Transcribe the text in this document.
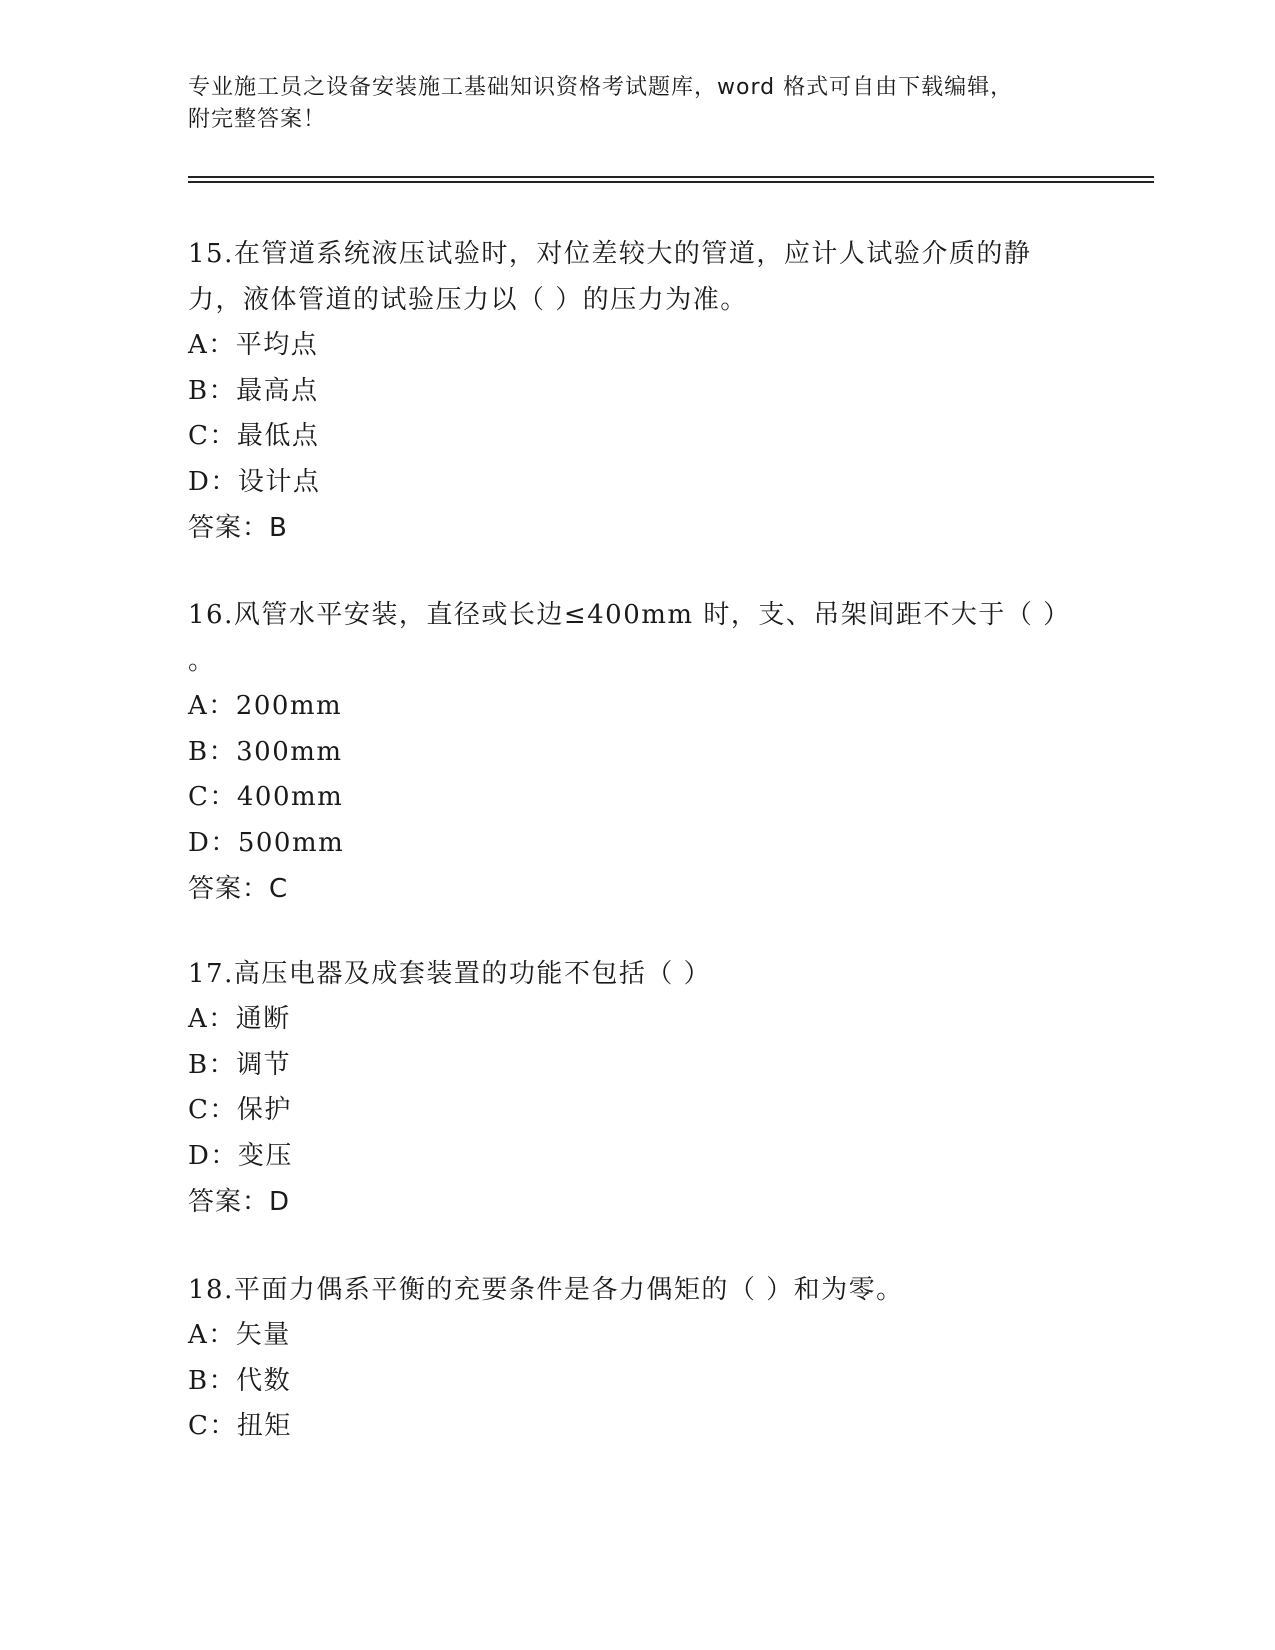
专业施工员之设备安装施工基础知识资格考试题库，word 格式可自由下载编辑，
附完整答案！

15.在管道系统液压试验时，对位差较大的管道，应计人试验介质的静

力，液体管道的试验压力以（ ）的压力为准。

A：平均点

B：最高点

C：最低点

D：设计点

答案：B

16.风管水平安装，直径或长边≤400mm 时，支、吊架间距不大于（ ）

。

A：200mm

B：300mm

C：400mm

D：500mm

答案：C

17.高压电器及成套装置的功能不包括（ ）

A：通断

B：调节

C：保护

D：变压

答案：D

18.平面力偶系平衡的充要条件是各力偶矩的（ ）和为零。

A：矢量

B：代数

C：扭矩
